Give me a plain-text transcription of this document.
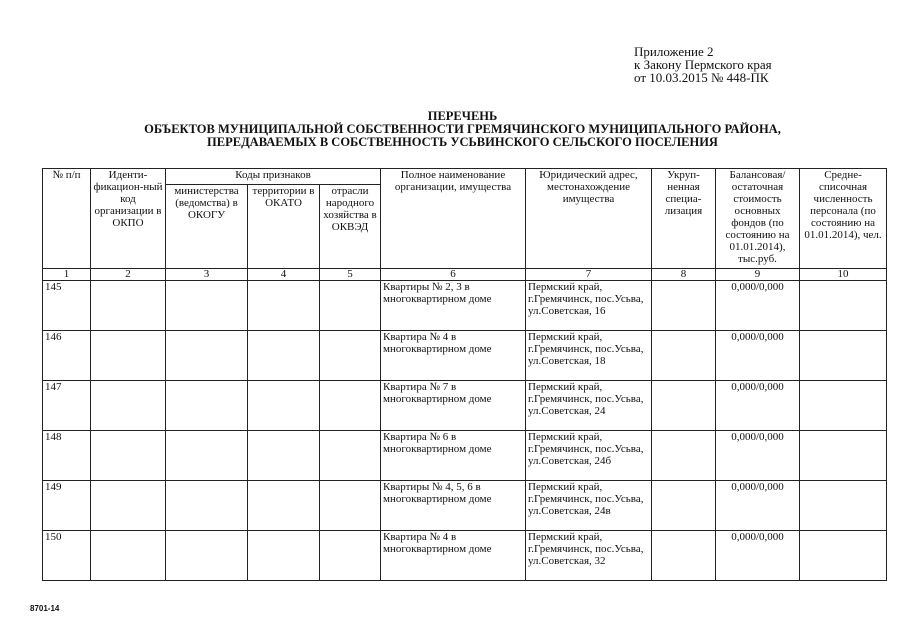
Приложение 2
к Закону Пермского края
от 10.03.2015 № 448-ПК
ПЕРЕЧЕНЬ
ОБЪЕКТОВ МУНИЦИПАЛЬНОЙ СОБСТВЕННОСТИ ГРЕМЯЧИНСКОГО МУНИЦИПАЛЬНОГО РАЙОНА,
ПЕРЕДАВАЕМЫХ В СОБСТВЕННОСТЬ УСЬВИНСКОГО СЕЛЬСКОГО ПОСЕЛЕНИЯ
№ п/п	Иденти-фикацион-ный код организации в ОКПО	Коды признаков			Полное наименование организации, имущества	Юридический адрес, местонахождение имущества	Укруп-ненная специа-лизация	Балансовая/ остаточная стоимость основных фондов (по состоянию на 01.01.2014), тыс.руб.	Средне-списочная численность персонала (по состоянию на 01.01.2014), чел.
		министерства (ведомства) в ОКОГУ	территории в ОКАТО	отрасли народного хозяйства в ОКВЭД					
1	2	3	4	5	6	7	8	9	10
145					Квартиры № 2, 3 в многоквартирном доме	Пермский край, г.Гремячинск, пос.Усьва, ул.Советская, 16		0,000/0,000	
146					Квартира № 4 в многоквартирном доме	Пермский край, г.Гремячинск, пос.Усьва, ул.Советская, 18		0,000/0,000	
147					Квартира № 7 в многоквартирном доме	Пермский край, г.Гремячинск, пос.Усьва, ул.Советская, 24		0,000/0,000	
148					Квартира № 6 в многоквартирном доме	Пермский край, г.Гремячинск, пос.Усьва, ул.Советская, 24б		0,000/0,000	
149					Квартиры № 4, 5, 6 в многоквартирном доме	Пермский край, г.Гремячинск, пос.Усьва, ул.Советская, 24в		0,000/0,000	
150					Квартира № 4 в многоквартирном доме	Пермский край, г.Гремячинск, пос.Усьва, ул.Советская, 32		0,000/0,000	
8701-14
